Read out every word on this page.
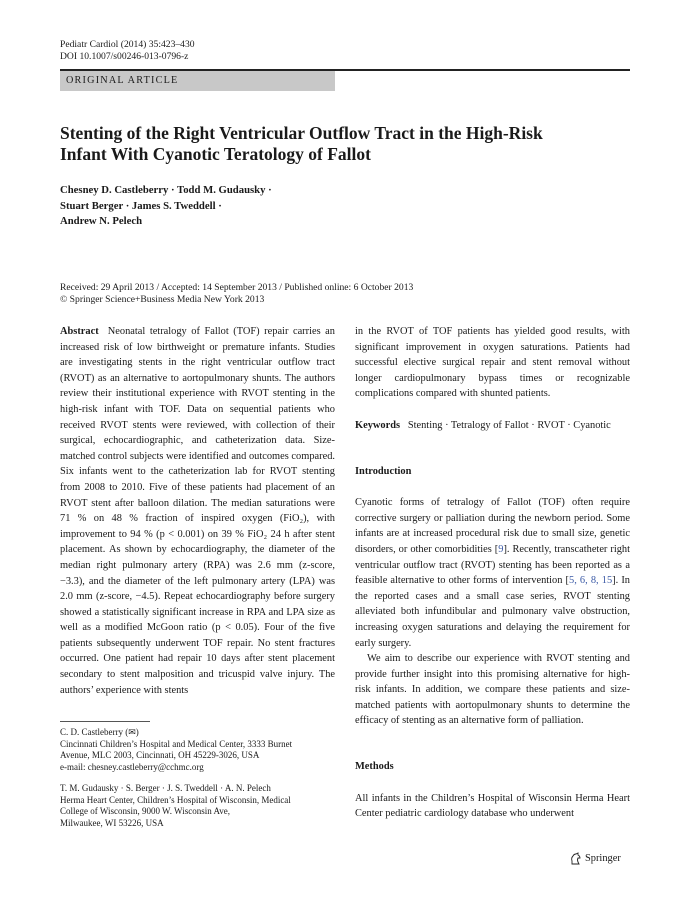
Pediatr Cardiol (2014) 35:423–430
DOI 10.1007/s00246-013-0796-z
ORIGINAL ARTICLE
Stenting of the Right Ventricular Outflow Tract in the High-Risk
Infant With Cyanotic Teratology of Fallot
Chesney D. Castleberry · Todd M. Gudausky ·
Stuart Berger · James S. Tweddell ·
Andrew N. Pelech
Received: 29 April 2013 / Accepted: 14 September 2013 / Published online: 6 October 2013
© Springer Science+Business Media New York 2013

Abstract Neonatal tetralogy of Fallot (TOF) repair carries an increased risk of low birthweight or premature infants. Studies are investigating stents in the right ventricular outflow tract (RVOT) as an alternative to aortopulmonary shunts. The authors review their institutional experience with RVOT stenting in the high-risk infant with TOF. Data on sequential patients who received RVOT stents were reviewed, with collection of their surgical, echocardiographic, and catheterization data. Size-matched control subjects were identified and outcomes compared. Six infants went to the catheterization lab for RVOT stenting from 2008 to 2010. Five of these patients had placement of an RVOT stent after balloon dilation. The median saturations were 71 % on 48 % fraction of inspired oxygen (FiO₂), with improvement to 94 % (p < 0.001) on 39 % FiO₂ 24 h after stent placement. As shown by echocardiography, the diameter of the median right pulmonary artery (RPA) was 2.6 mm (z-score, −3.3), and the diameter of the left pulmonary artery (LPA) was 2.0 mm (z-score, −4.5). Repeat echocardiography before surgery showed a statistically significant increase in RPA and LPA size as well as a modified McGoon ratio (p < 0.05). Four of the five patients subsequently underwent TOF repair. No stent fractures occurred. One patient had repair 10 days after stent placement secondary to stent malposition and tricuspid valve injury. The authors’ experience with stents

in the RVOT of TOF patients has yielded good results, with significant improvement in oxygen saturations. Patients had successful elective surgical repair and stent removal without longer cardiopulmonary bypass times or recognizable complications compared with shunted patients.

Keywords Stenting · Tetralogy of Fallot · RVOT · Cyanotic

Introduction

Cyanotic forms of tetralogy of Fallot (TOF) often require corrective surgery or palliation during the newborn period. Some infants are at increased procedural risk due to small size, genetic disorders, or other comorbidities [9]. Recently, transcatheter right ventricular outflow tract (RVOT) stenting has been reported as a feasible alternative to other forms of intervention [5, 6, 8, 15]. In the reported cases and a small case series, RVOT stenting alleviated both infundibular and pulmonary valve obstruction, increasing oxygen saturations and delaying the requirement for early surgery.

We aim to describe our experience with RVOT stenting and provide further insight into this promising alternative for high-risk infants. In addition, we compare these patients and size-matched patients with aortopulmonary shunts to determine the efficacy of stenting as an alternative form of palliation.

Methods

All infants in the Children’s Hospital of Wisconsin Herma Heart Center pediatric cardiology database who underwent

C. D. Castleberry (✉)
Cincinnati Children’s Hospital and Medical Center, 3333 Burnet
Avenue, MLC 2003, Cincinnati, OH 45229-3026, USA
e-mail: chesney.castleberry@cchmc.org
T. M. Gudausky · S. Berger · J. S. Tweddell · A. N. Pelech
Herma Heart Center, Children’s Hospital of Wisconsin, Medical
College of Wisconsin, 9000 W. Wisconsin Ave,
Milwaukee, WI 53226, USA
Springer
